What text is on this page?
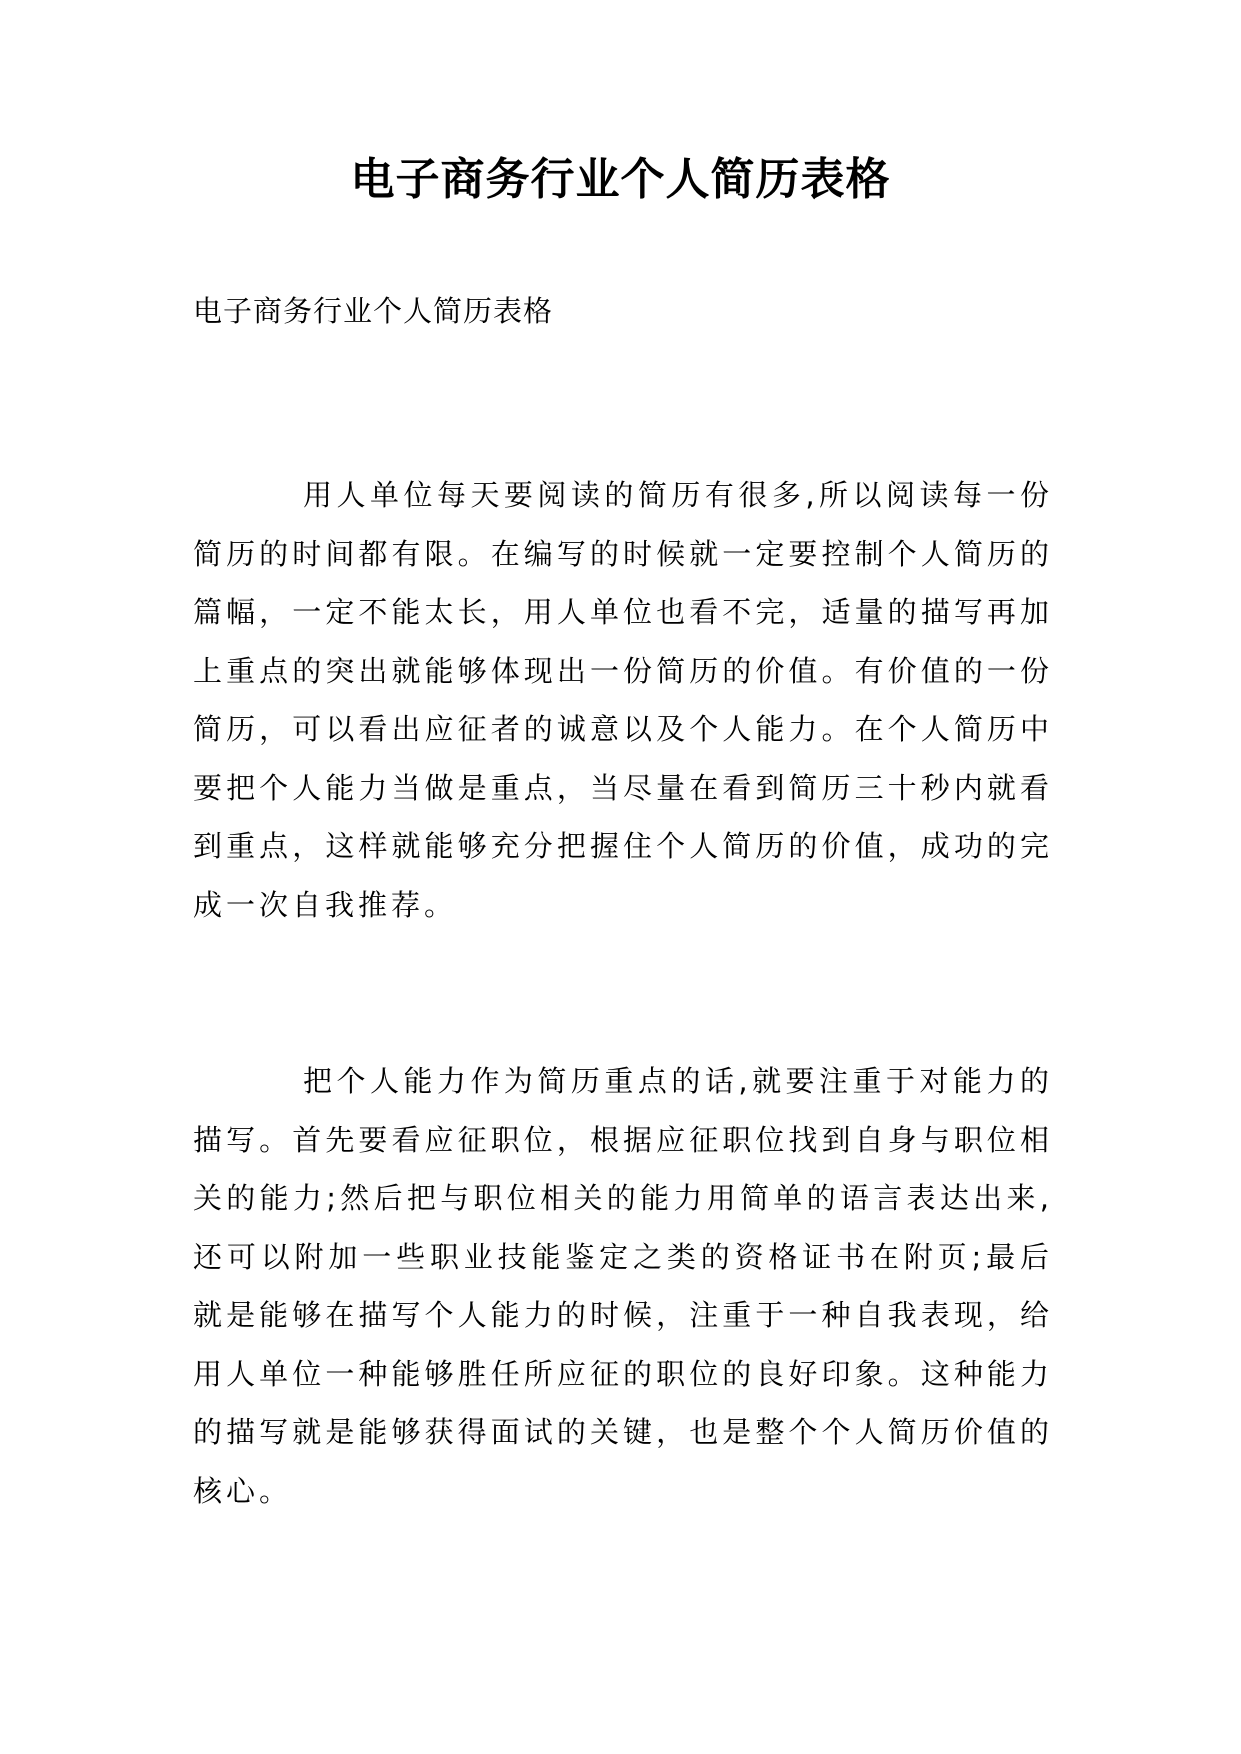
电子商务行业个人简历表格

电子商务行业个人简历表格

用人单位每天要阅读的简历有很多,所以阅读每一份简历的时间都有限。在编写的时候就一定要控制个人简历的篇幅，一定不能太长，用人单位也看不完，适量的描写再加上重点的突出就能够体现出一份简历的价值。有价值的一份简历，可以看出应征者的诚意以及个人能力。在个人简历中要把个人能力当做是重点，当尽量在看到简历三十秒内就看到重点，这样就能够充分把握住个人简历的价值，成功的完成一次自我推荐。

把个人能力作为简历重点的话,就要注重于对能力的描写。首先要看应征职位，根据应征职位找到自身与职位相关的能力;然后把与职位相关的能力用简单的语言表达出来,还可以附加一些职业技能鉴定之类的资格证书在附页;最后就是能够在描写个人能力的时候，注重于一种自我表现，给用人单位一种能够胜任所应征的职位的良好印象。这种能力的描写就是能够获得面试的关键，也是整个个人简历价值的核心。
